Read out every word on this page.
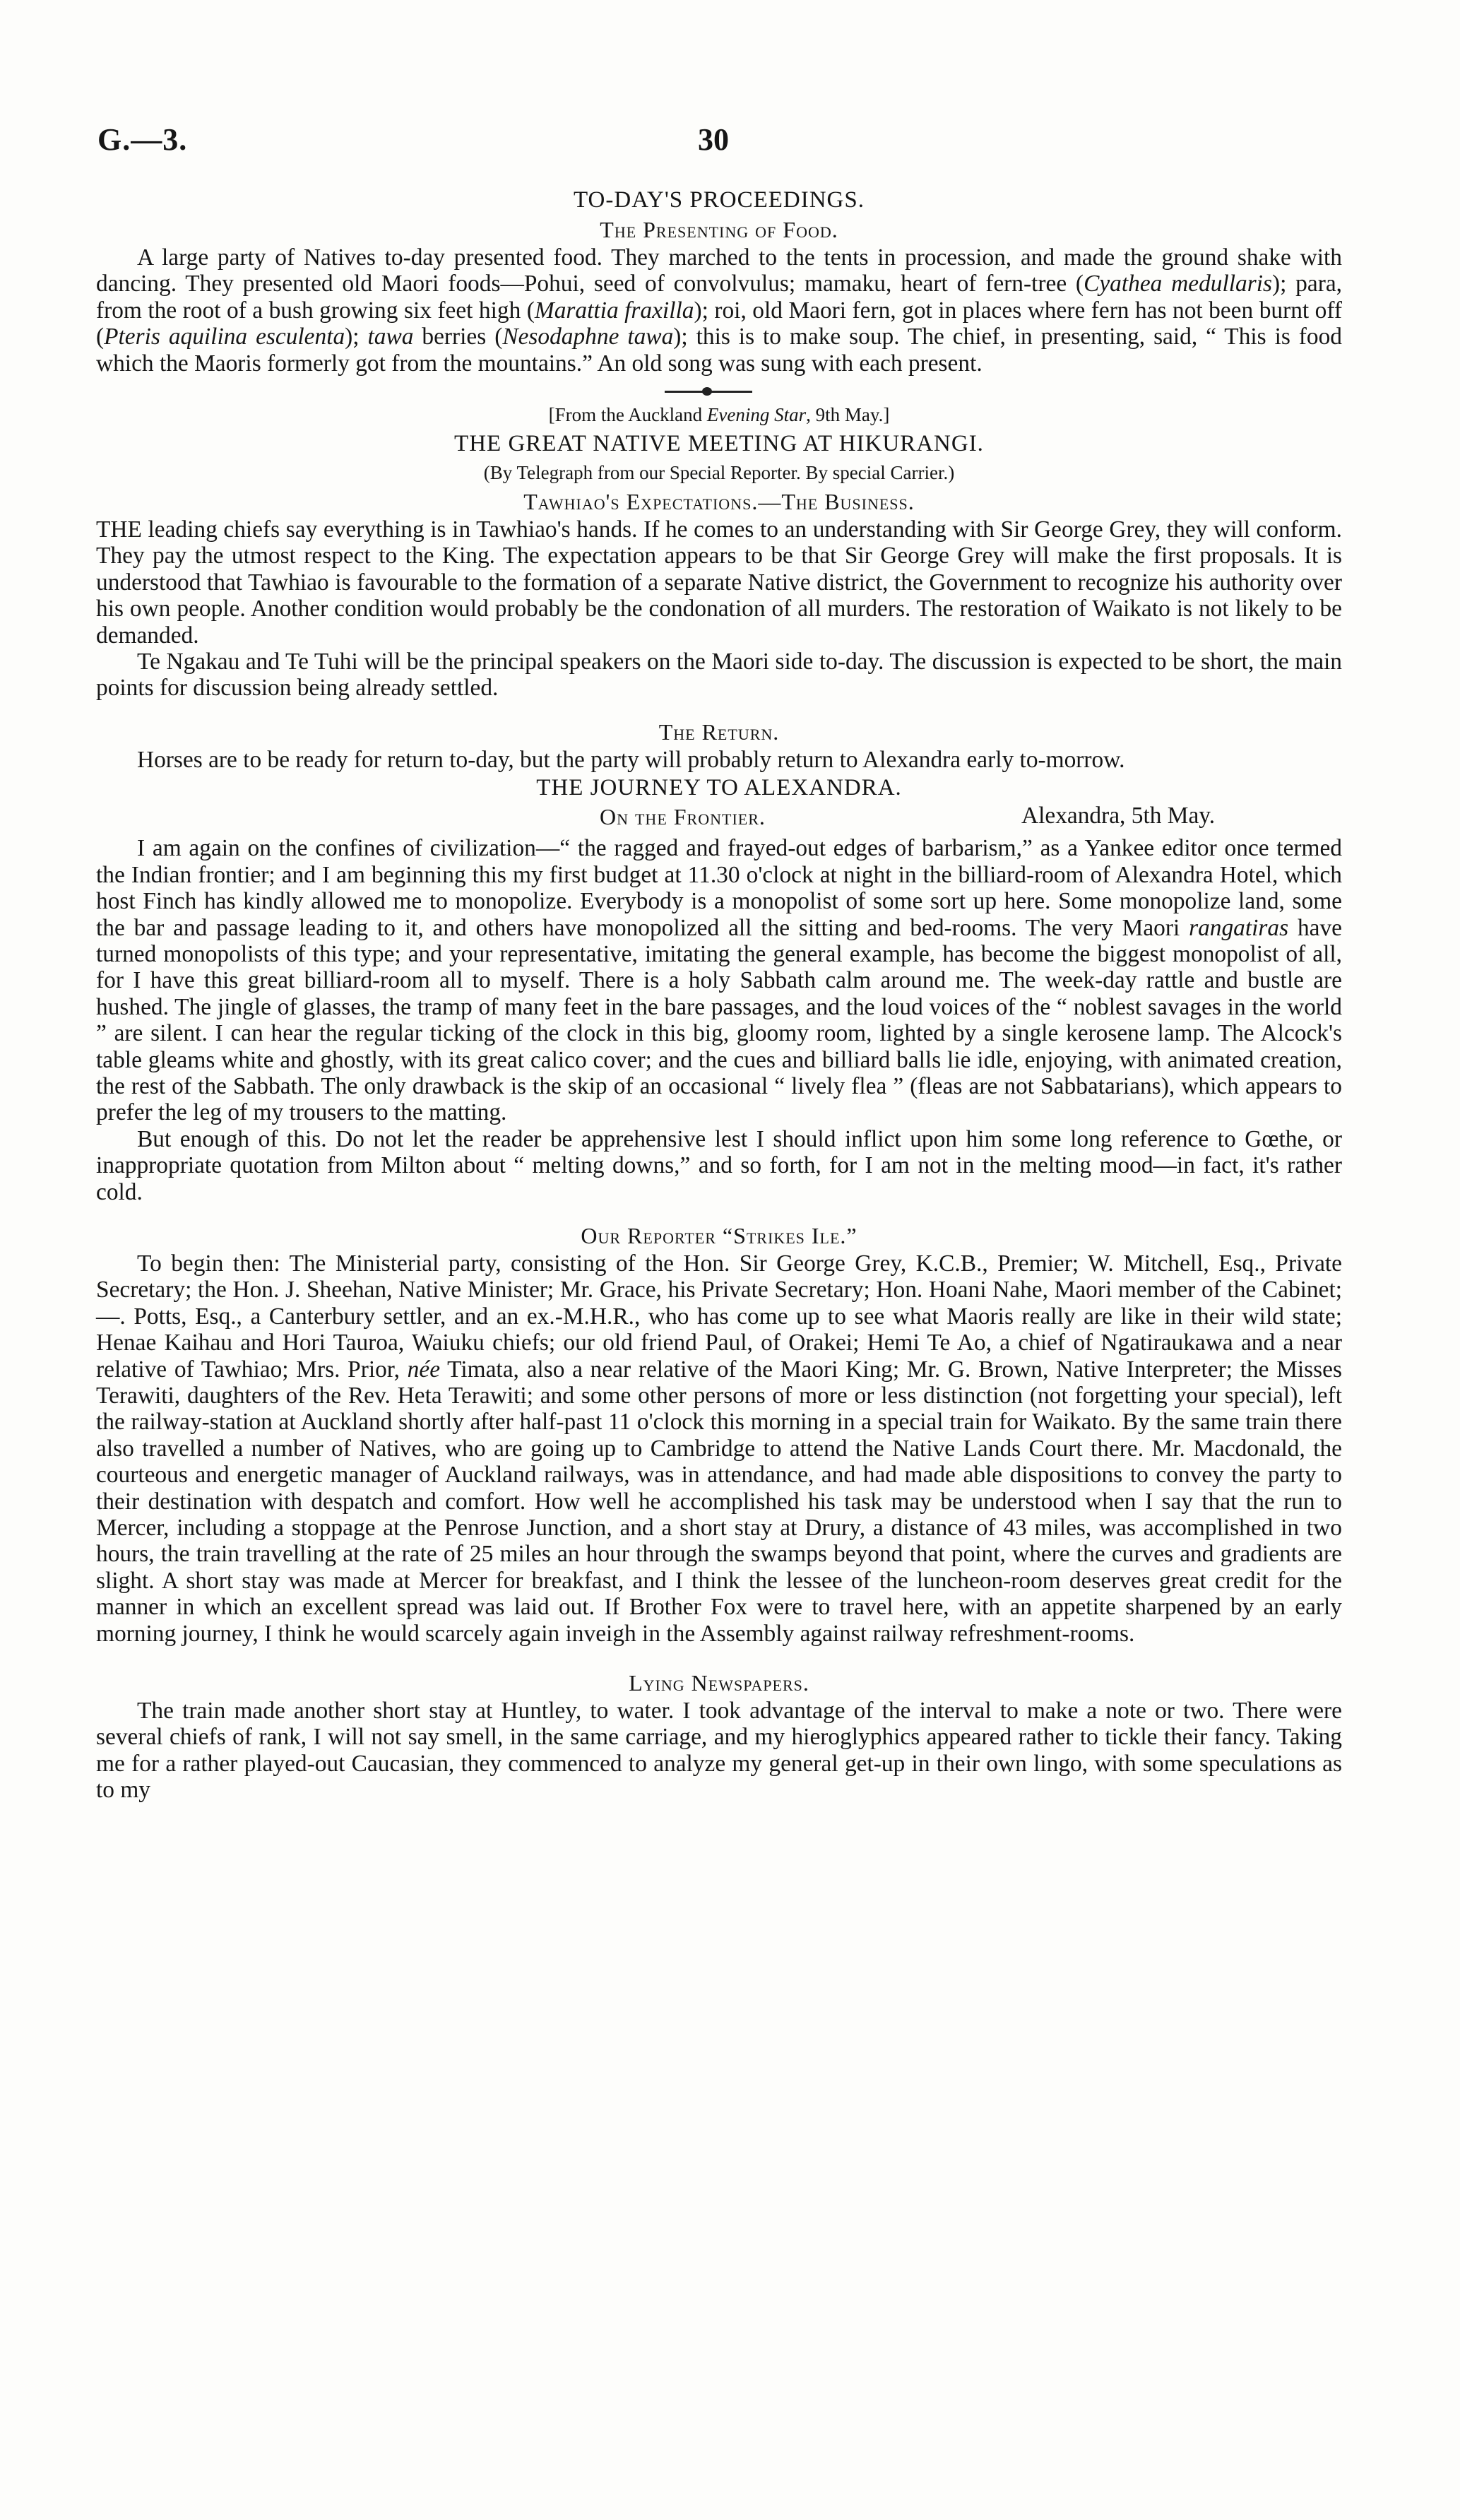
G.—3.	30
TO-DAY'S PROCEEDINGS.
The Presenting of Food.

A large party of Natives to-day presented food. They marched to the tents in procession, and made the ground shake with dancing. They presented old Maori foods—Pohui, seed of convolvulus; mamaku, heart of fern-tree (Cyathea medullaris); para, from the root of a bush growing six feet high (Marattia fraxilla); roi, old Maori fern, got in places where fern has not been burnt off (Pteris aquilina esculenta); tawa berries (Nesodaphne tawa); this is to make soup. The chief, in presenting, said, “ This is food which the Maoris formerly got from the mountains.” An old song was sung with each present.

[From the Auckland Evening Star, 9th May.]
THE GREAT NATIVE MEETING AT HIKURANGI.
(By Telegraph from our Special Reporter. By special Carrier.)
Tawhiao's Expectations.—The Business.

THE leading chiefs say everything is in Tawhiao's hands. If he comes to an understanding with Sir George Grey, they will conform. They pay the utmost respect to the King. The expectation appears to be that Sir George Grey will make the first proposals. It is understood that Tawhiao is favourable to the formation of a separate Native district, the Government to recognize his authority over his own people. Another condition would probably be the condonation of all murders. The restoration of Waikato is not likely to be demanded.

Te Ngakau and Te Tuhi will be the principal speakers on the Maori side to-day. The discussion is expected to be short, the main points for discussion being already settled.

The Return.

Horses are to be ready for return to-day, but the party will probably return to Alexandra early to-morrow.

THE JOURNEY TO ALEXANDRA.
On the Frontier.	Alexandra, 5th May.

I am again on the confines of civilization—“ the ragged and frayed-out edges of barbarism,” as a Yankee editor once termed the Indian frontier; and I am beginning this my first budget at 11.30 o'clock at night in the billiard-room of Alexandra Hotel, which host Finch has kindly allowed me to monopolize. Everybody is a monopolist of some sort up here. Some monopolize land, some the bar and passage leading to it, and others have monopolized all the sitting and bed-rooms. The very Maori rangatiras have turned monopolists of this type; and your representative, imitating the general example, has become the biggest monopolist of all, for I have this great billiard-room all to myself. There is a holy Sabbath calm around me. The week-day rattle and bustle are hushed. The jingle of glasses, the tramp of many feet in the bare passages, and the loud voices of the “ noblest savages in the world ” are silent. I can hear the regular ticking of the clock in this big, gloomy room, lighted by a single kerosene lamp. The Alcock's table gleams white and ghostly, with its great calico cover; and the cues and billiard balls lie idle, enjoying, with animated creation, the rest of the Sabbath. The only drawback is the skip of an occasional “ lively flea ” (fleas are not Sabbatarians), which appears to prefer the leg of my trousers to the matting.

But enough of this. Do not let the reader be apprehensive lest I should inflict upon him some long reference to Gœthe, or inappropriate quotation from Milton about “ melting downs,” and so forth, for I am not in the melting mood—in fact, it's rather cold.

Our Reporter “Strikes Ile.”

To begin then: The Ministerial party, consisting of the Hon. Sir George Grey, K.C.B., Premier; W. Mitchell, Esq., Private Secretary; the Hon. J. Sheehan, Native Minister; Mr. Grace, his Private Secretary; Hon. Hoani Nahe, Maori member of the Cabinet; —. Potts, Esq., a Canterbury settler, and an ex.-M.H.R., who has come up to see what Maoris really are like in their wild state; Henae Kaihau and Hori Tauroa, Waiuku chiefs; our old friend Paul, of Orakei; Hemi Te Ao, a chief of Ngatiraukawa and a near relative of Tawhiao; Mrs. Prior, née Timata, also a near relative of the Maori King; Mr. G. Brown, Native Interpreter; the Misses Terawiti, daughters of the Rev. Heta Terawiti; and some other persons of more or less distinction (not forgetting your special), left the railway-station at Auckland shortly after half-past 11 o'clock this morning in a special train for Waikato. By the same train there also travelled a number of Natives, who are going up to Cambridge to attend the Native Lands Court there. Mr. Macdonald, the courteous and energetic manager of Auckland railways, was in attendance, and had made able dispositions to convey the party to their destination with despatch and comfort. How well he accomplished his task may be understood when I say that the run to Mercer, including a stoppage at the Penrose Junction, and a short stay at Drury, a distance of 43 miles, was accomplished in two hours, the train travelling at the rate of 25 miles an hour through the swamps beyond that point, where the curves and gradients are slight. A short stay was made at Mercer for breakfast, and I think the lessee of the luncheon-room deserves great credit for the manner in which an excellent spread was laid out. If Brother Fox were to travel here, with an appetite sharpened by an early morning journey, I think he would scarcely again inveigh in the Assembly against railway refreshment-rooms.

Lying Newspapers.

The train made another short stay at Huntley, to water. I took advantage of the interval to make a note or two. There were several chiefs of rank, I will not say smell, in the same carriage, and my hieroglyphics appeared rather to tickle their fancy. Taking me for a rather played-out Caucasian, they commenced to analyze my general get-up in their own lingo, with some speculations as to my
